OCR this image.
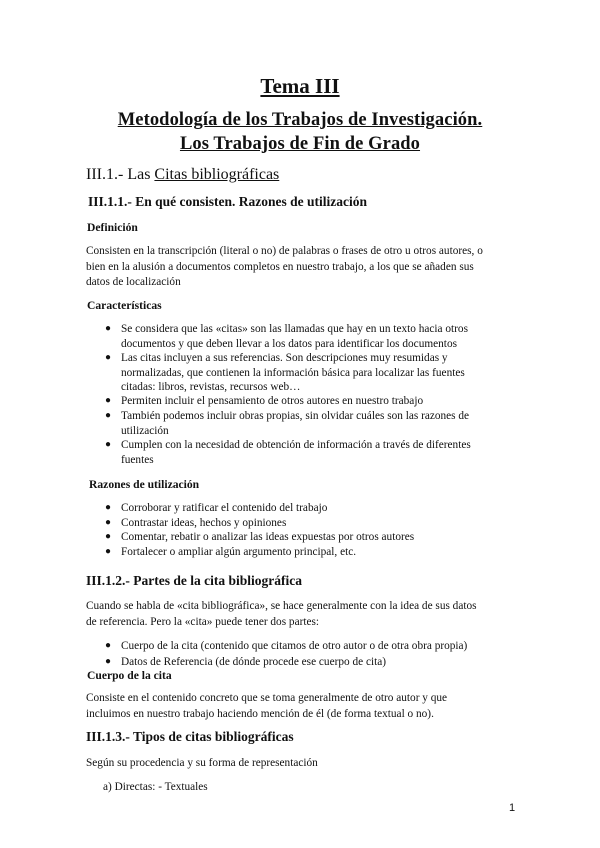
Tema III
Metodología de los Trabajos de Investigación.
Los Trabajos de Fin de Grado
III.1.- Las Citas bibliográficas
III.1.1.- En qué consisten. Razones de utilización
Definición
Consisten en la transcripción (literal o no) de palabras o frases de otro u otros autores, o
bien en la alusión a documentos completos en nuestro trabajo, a los que se añaden sus
datos de localización
Características
● Se considera que las «citas» son las llamadas que hay en un texto hacia otros
documentos y que deben llevar a los datos para identificar los documentos
● Las citas incluyen a sus referencias. Son descripciones muy resumidas y
normalizadas, que contienen la información básica para localizar las fuentes
citadas: libros, revistas, recursos web…
● Permiten incluir el pensamiento de otros autores en nuestro trabajo
● También podemos incluir obras propias, sin olvidar cuáles son las razones de
utilización
● Cumplen con la necesidad de obtención de información a través de diferentes
fuentes
Razones de utilización
● Corroborar y ratificar el contenido del trabajo
● Contrastar ideas, hechos y opiniones
● Comentar, rebatir o analizar las ideas expuestas por otros autores
● Fortalecer o ampliar algún argumento principal, etc.
III.1.2.- Partes de la cita bibliográfica
Cuando se habla de «cita bibliográfica», se hace generalmente con la idea de sus datos
de referencia. Pero la «cita» puede tener dos partes:
● Cuerpo de la cita (contenido que citamos de otro autor o de otra obra propia)
● Datos de Referencia (de dónde procede ese cuerpo de cita)
Cuerpo de la cita
Consiste en el contenido concreto que se toma generalmente de otro autor y que
incluimos en nuestro trabajo haciendo mención de él (de forma textual o no).
III.1.3.- Tipos de citas bibliográficas
Según su procedencia y su forma de representación
a) Directas: - Textuales
1
